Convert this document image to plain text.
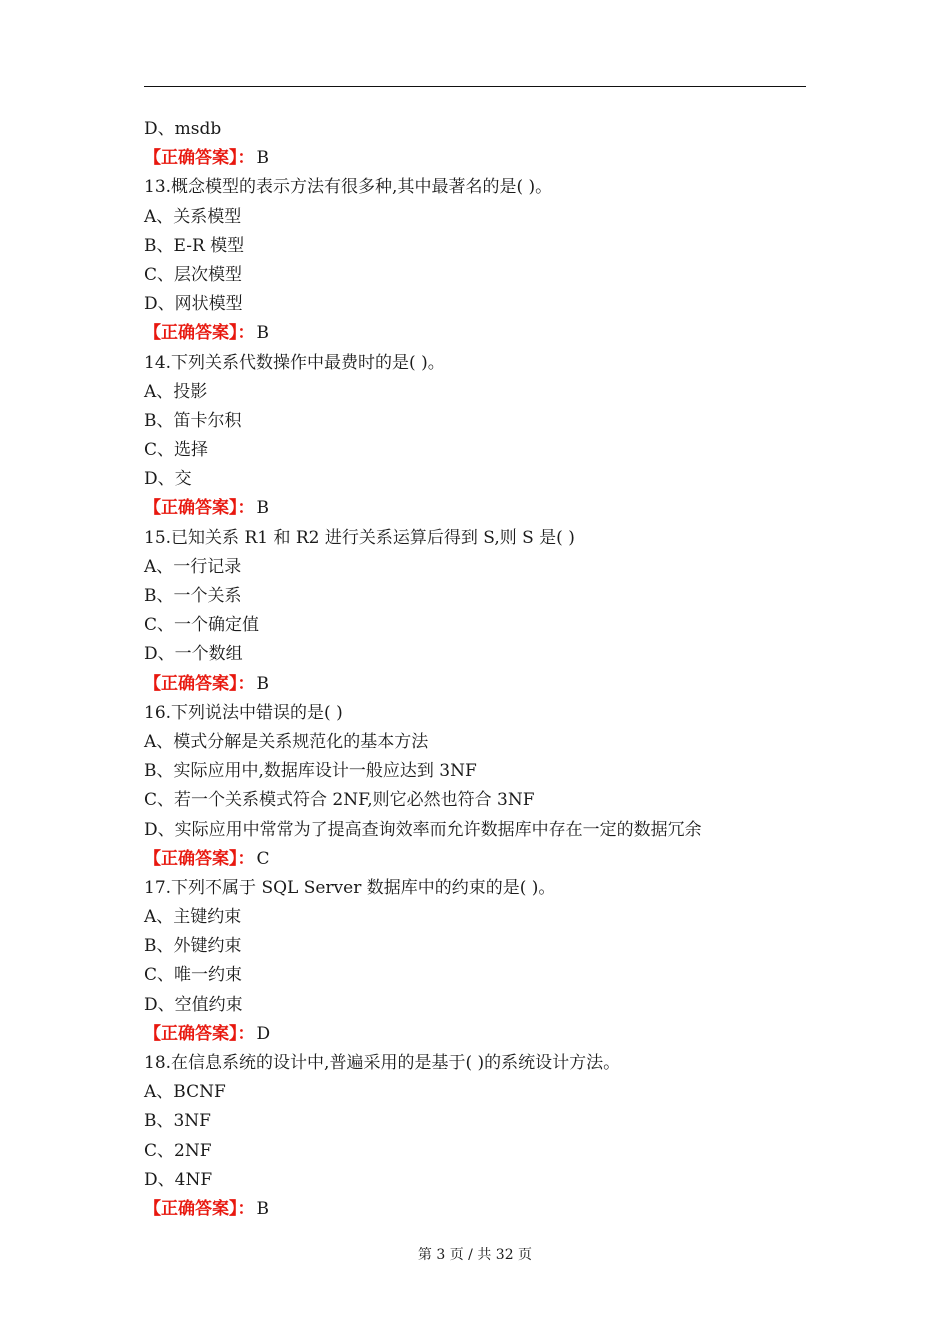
D、msdb
【正确答案】： B
13.概念模型的表示方法有很多种,其中最著名的是( )。
A、关系模型
B、E-R 模型
C、层次模型
D、网状模型
【正确答案】： B
14.下列关系代数操作中最费时的是( )。
A、投影
B、笛卡尔积
C、选择
D、交
【正确答案】： B
15.已知关系 R1 和 R2 进行关系运算后得到 S,则 S 是( )
A、一行记录
B、一个关系
C、一个确定值
D、一个数组
【正确答案】： B
16.下列说法中错误的是( )
A、模式分解是关系规范化的基本方法
B、实际应用中,数据库设计一般应达到 3NF
C、若一个关系模式符合 2NF,则它必然也符合 3NF
D、实际应用中常常为了提高查询效率而允许数据库中存在一定的数据冗余
【正确答案】： C
17.下列不属于 SQL Server 数据库中的约束的是( )。
A、主键约束
B、外键约束
C、唯一约束
D、空值约束
【正确答案】： D
18.在信息系统的设计中,普遍采用的是基于( )的系统设计方法。
A、BCNF
B、3NF
C、2NF
D、4NF
【正确答案】： B
第 3 页 / 共 32 页
